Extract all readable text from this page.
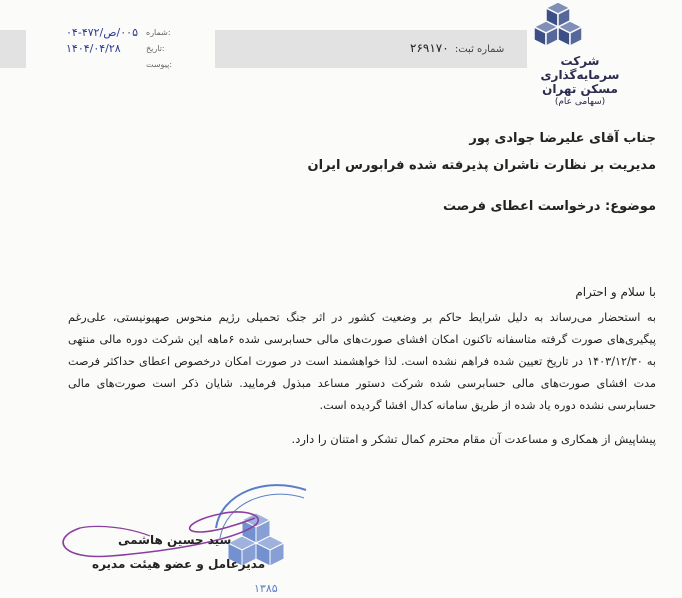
شماره ثبت: ۲۶۹۱۷۰
شماره:
۰۰۵/ص/۴۷۲-۰۴
تاریخ:
۱۴۰۴/۰۴/۲۸
پیوست:	شرکت
سرمایه‌گذاری
مسکن تهران
(سهامی عام)
جناب آقای علیرضا جوادی پور
مدیریت بر نظارت ناشران پذیرفته شده فرابورس ایران
موضوع: درخواست اعطای فرصت
با سلام و احترام
به استحضار می‌رساند به دلیل شرایط حاکم بر وضعیت کشور در اثر جنگ تحمیلی رژیم منحوس صهیونیستی، علی‌رغم پیگیری‌های صورت گرفته متاسفانه تاکنون امکان افشای صورت‌های مالی حسابرسی شده ۶ماهه این شرکت دوره مالی منتهی به ۱۴۰۳/۱۲/۳۰ در تاریخ تعیین شده فراهم نشده است. لذا خواهشمند است در صورت امکان درخصوص اعطای حداکثر فرصت مدت افشای صورت‌های مالی حسابرسی شده شرکت دستور مساعد مبذول فرمایید. شایان ذکر است صورت‌های مالی حسابرسی نشده دوره یاد شده از طریق سامانه کدال افشا گردیده است.
پیشاپیش از همکاری و مساعدت آن مقام محترم کمال تشکر و امتنان را دارد.
۱۳۸۵
سید حسین هاشمی
مدیرعامل و عضو هیئت مدیره
